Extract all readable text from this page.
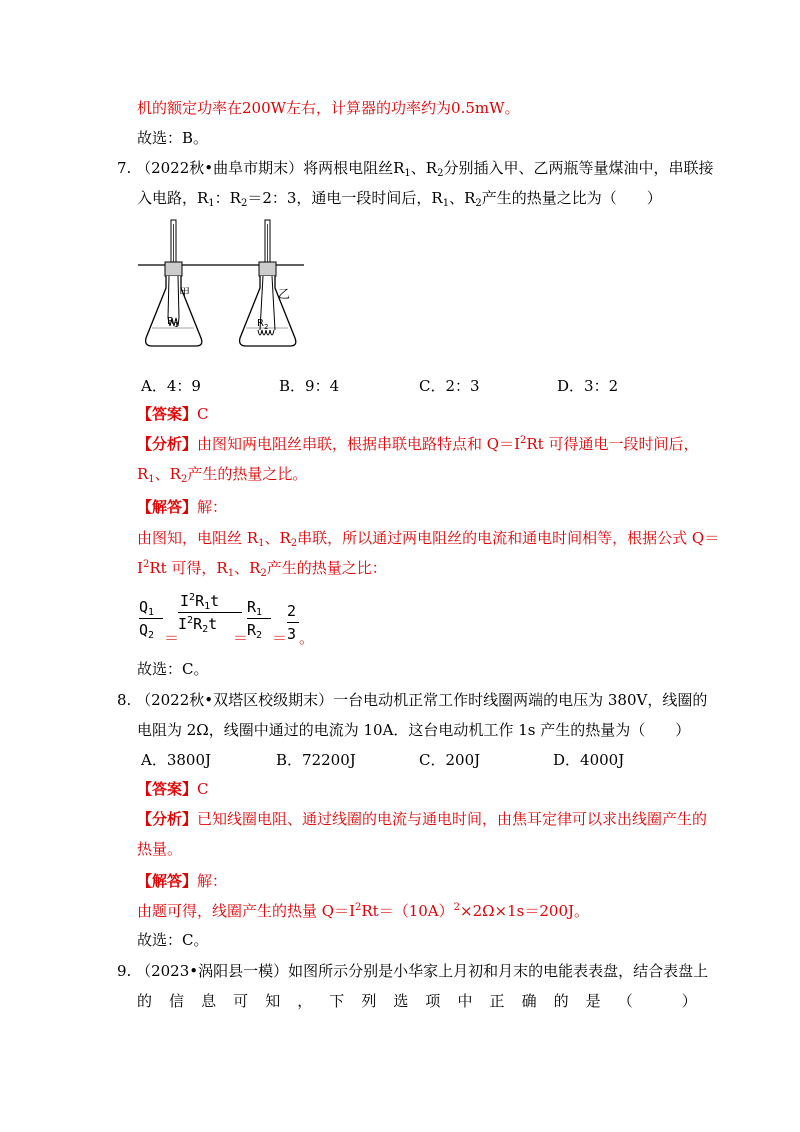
机的额定功率在200W左右，计算器的功率约为0.5mW。
故选：B。
7. （2022秋•曲阜市期末）将两根电阻丝$R_1$、$R_2$分别插入甲、乙两瓶等量煤油中，串联接
入电路，$R_1$：$R_2=2$：3，通电一段时间后，$R_1$、$R_2$产生的热量之比为（　　）
甲
R 1
乙
R 2
A．4：9	B．9：4	C．2：3	D．3：2
【答案】C
【分析】由图知两电阻丝串联，根据串联电路特点和 $Q=I^2Rt$ 可得通电一段时间后，
$R_1$、$R_2$产生的热量之比。
【解答】解：
由图知，电阻丝 $R_1$、$R_2$串联，所以通过两电阻丝的电流和通电时间相等，根据公式 Q＝
$I^2Rt$ 可得，$R_1$、$R_2$产生的热量之比：
$Q_1$
$Q_2$ ＝
$I^2R_1t$
$I^2R_2t$
＝
$R_1$
$R_2$ ＝
2
3 。
故选：C。
8. （2022秋•双塔区校级期末）一台电动机正常工作时线圈两端的电压为 380V，线圈的
电阻为 2Ω，线圈中通过的电流为 10A．这台电动机工作 1s 产生的热量为（　　）
A．3800J	B．72200J	C．200J	D．4000J
【答案】C
【分析】已知线圈电阻、通过线圈的电流与通电时间，由焦耳定律可以求出线圈产生的
热量。
【解答】解：
由题可得，线圈产生的热量 $Q=I^2Rt=(10A)^2\times 2\Omega\times 1s=200J$。
故选：C。
9. （2023•涡阳县一模）如图所示分别是小华家上月初和月末的电能表表盘，结合表盘上
的 信 息 可 知 ， 下 列 选 项 中 正 确 的 是 （
　	）
